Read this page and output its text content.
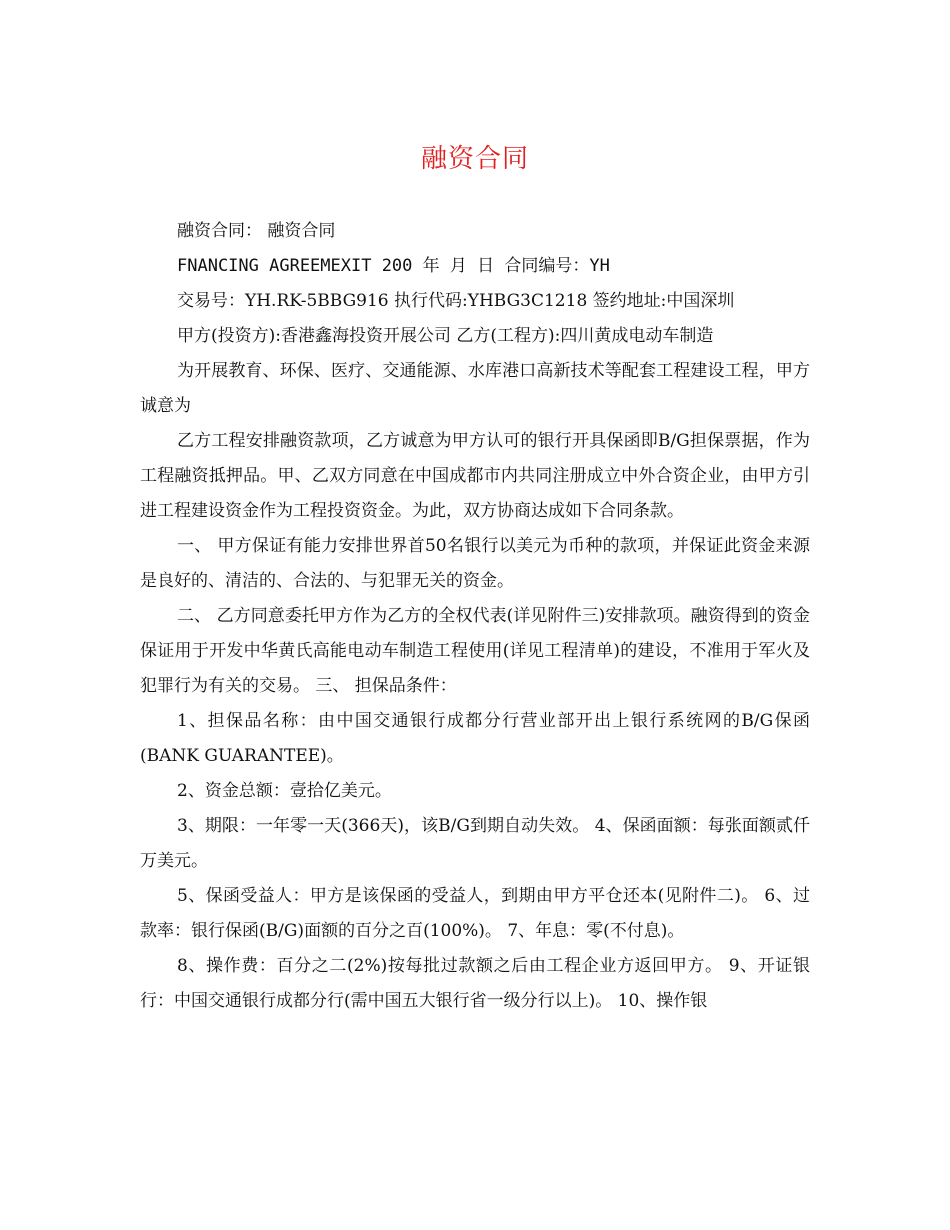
融资合同

融资合同： 融资合同

FNANCING AGREEMEXIT 200 年 月 日 合同编号：YH

交易号：YH.RK-5BBG916 执行代码:YHBG3C1218 签约地址:中国深圳

甲方(投资方):香港鑫海投资开展公司 乙方(工程方):四川黄成电动车制造

为开展教育、环保、医疗、交通能源、水库港口高新技术等配套工程建设工程，甲方诚意为

乙方工程安排融资款项，乙方诚意为甲方认可的银行开具保函即B/G担保票据，作为工程融资抵押品。甲、乙双方同意在中国成都市内共同注册成立中外合资企业，由甲方引进工程建设资金作为工程投资资金。为此，双方协商达成如下合同条款。

一、 甲方保证有能力安排世界首50名银行以美元为币种的款项，并保证此资金来源是良好的、清洁的、合法的、与犯罪无关的资金。

二、 乙方同意委托甲方作为乙方的全权代表(详见附件三)安排款项。融资得到的资金保证用于开发中华黄氏高能电动车制造工程使用(详见工程清单)的建设，不准用于军火及犯罪行为有关的交易。 三、 担保品条件：

1、担保品名称：由中国交通银行成都分行营业部开出上银行系统网的B/G保函(BANK GUARANTEE)。

2、资金总额：壹拾亿美元。

3、期限：一年零一天(366天)，该B/G到期自动失效。 4、保函面额：每张面额贰仟万美元。

5、保函受益人：甲方是该保函的受益人，到期由甲方平仓还本(见附件二)。 6、过款率：银行保函(B/G)面额的百分之百(100%)。 7、年息：零(不付息)。

8、操作费：百分之二(2%)按每批过款额之后由工程企业方返回甲方。 9、开证银行：中国交通银行成都分行(需中国五大银行省一级分行以上)。 10、操作银
